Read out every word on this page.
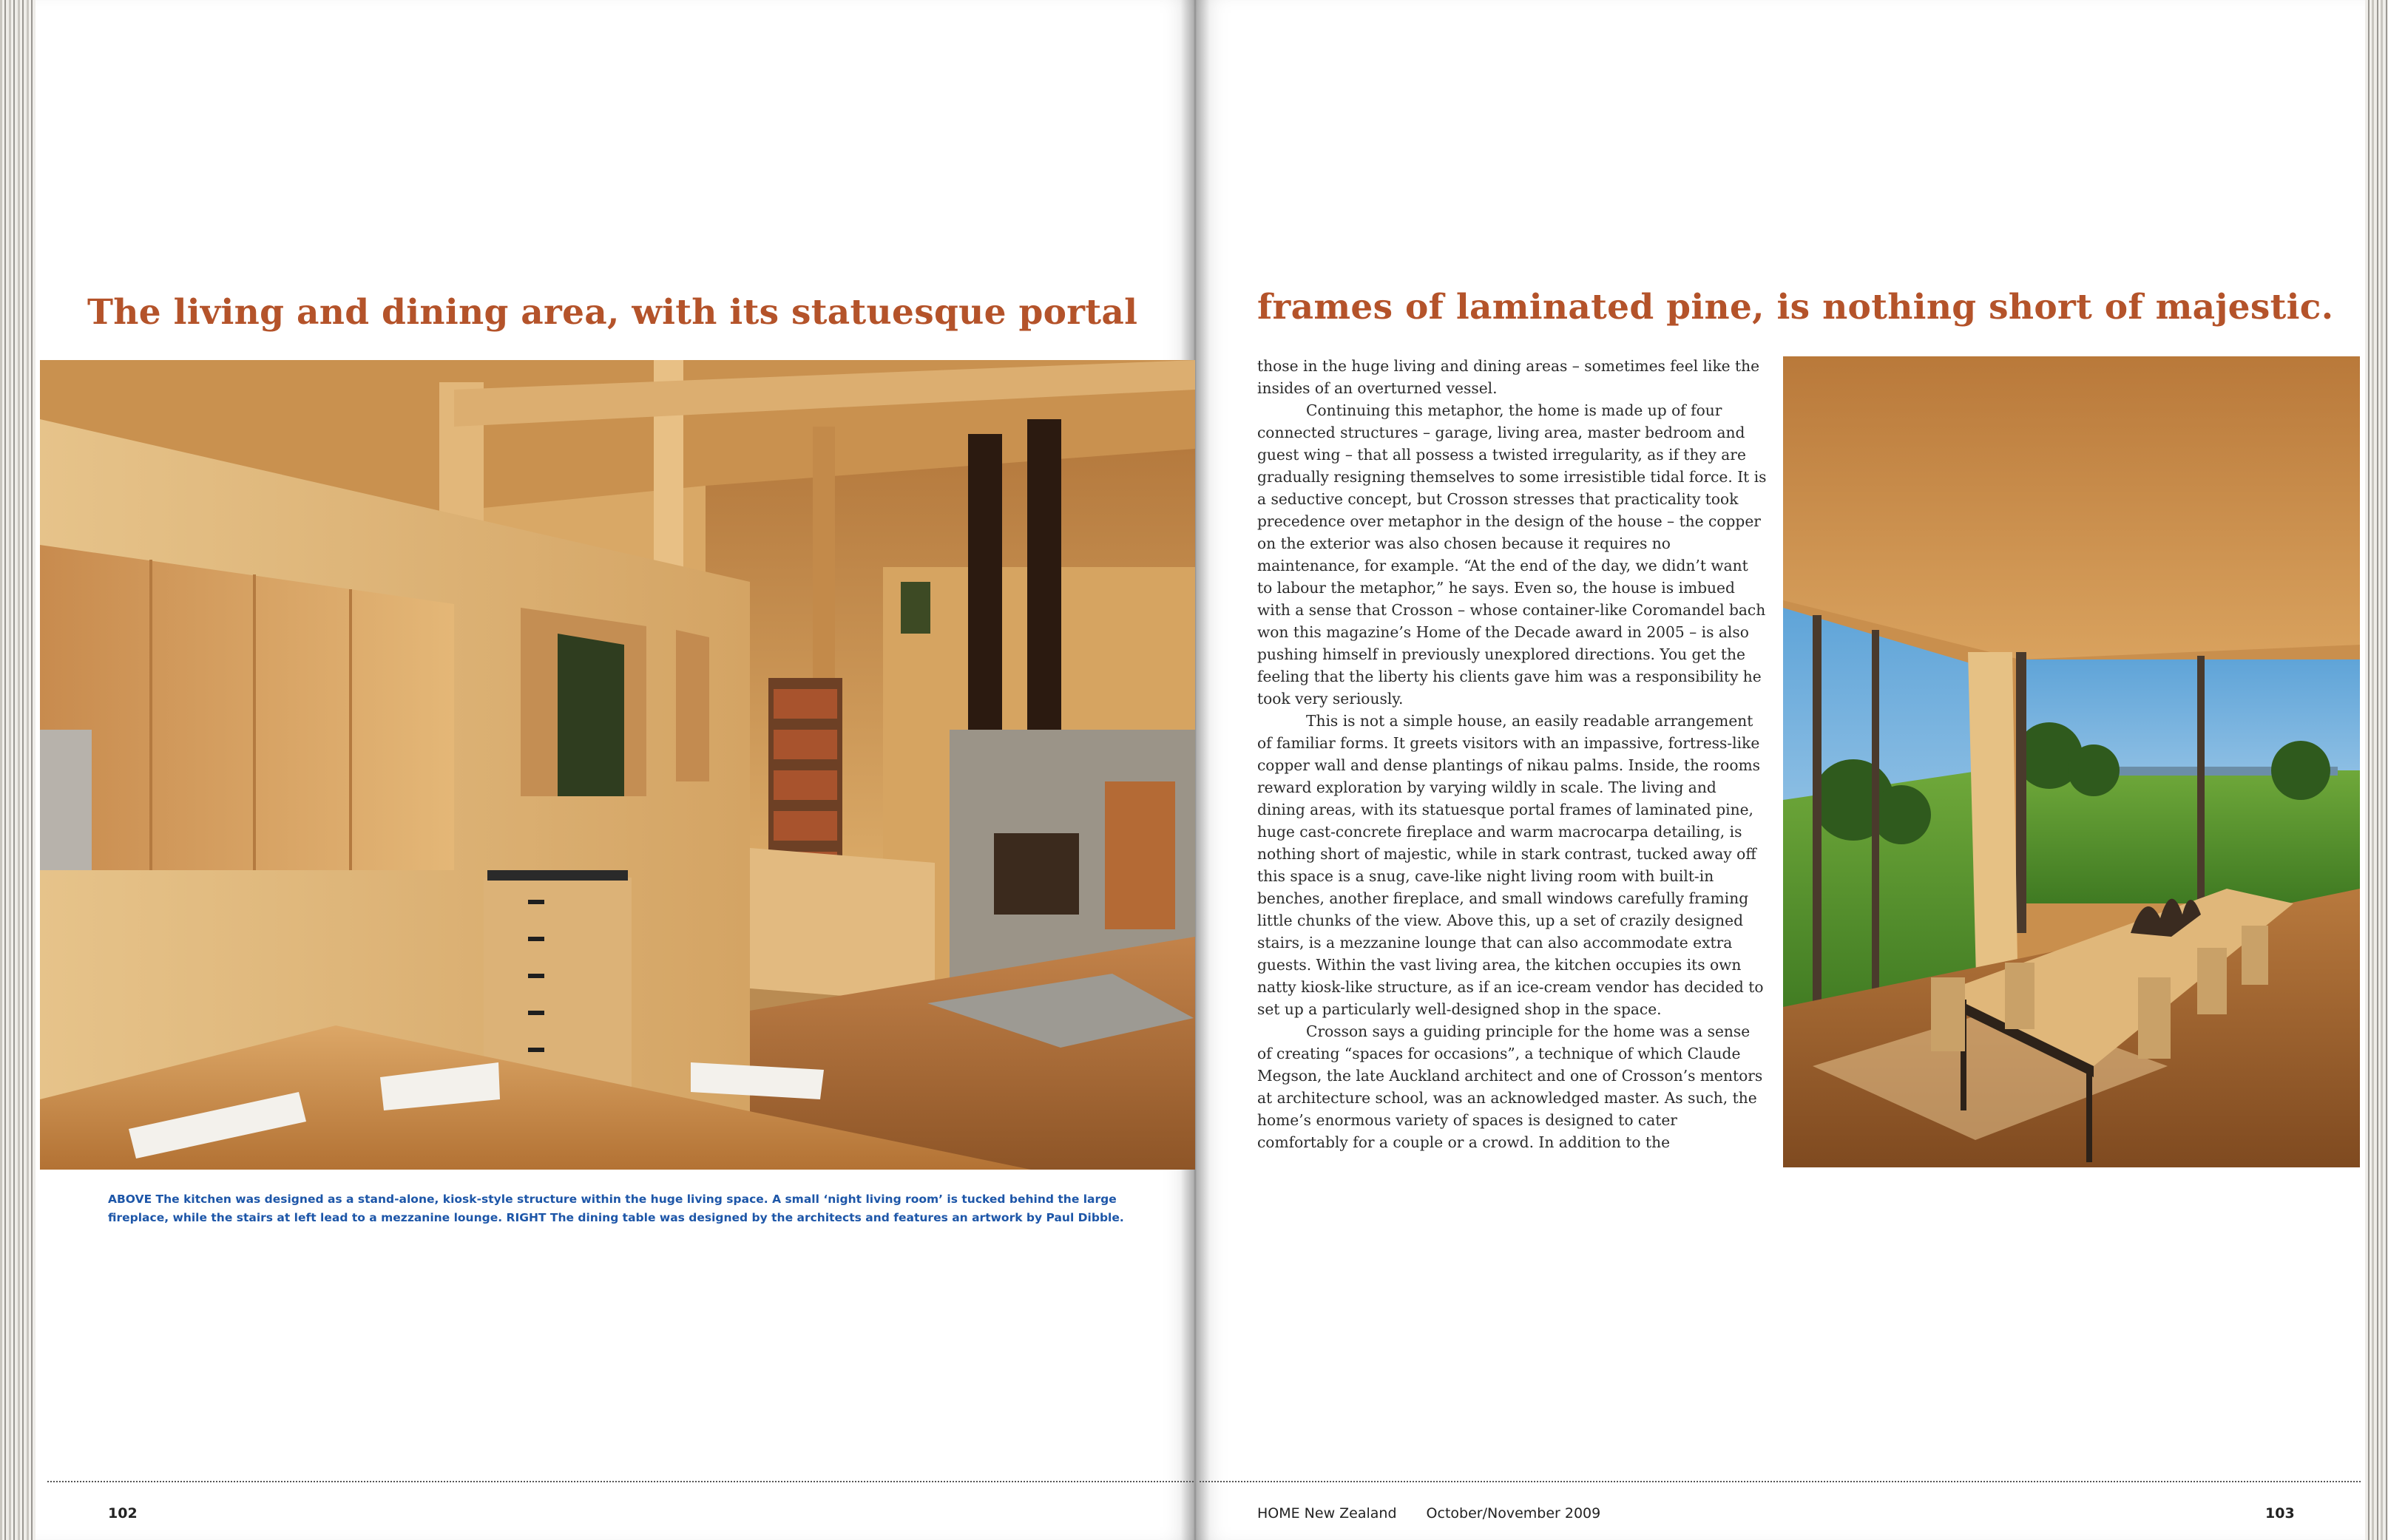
The living and dining area, with its statuesque portal	frames of laminated pine, is nothing short of majestic.
ABOVE The kitchen was designed as a stand-alone, kiosk-style structure within the huge living space. A small ‘night living room’ is tucked behind the large fireplace, while the stairs at left lead to a mezzanine lounge. RIGHT The dining table was designed by the architects and features an artwork by Paul Dibble.

those in the huge living and dining areas – sometimes feel like the insides of an overturned vessel.

Continuing this metaphor, the home is made up of four connected structures – garage, living area, master bedroom and guest wing – that all possess a twisted irregularity, as if they are gradually resigning themselves to some irresistible tidal force. It is a seductive concept, but Crosson stresses that practicality took precedence over metaphor in the design of the house – the copper on the exterior was also chosen because it requires no maintenance, for example. “At the end of the day, we didn’t want to labour the metaphor,” he says. Even so, the house is imbued with a sense that Crosson – whose container-like Coromandel bach won this magazine’s Home of the Decade award in 2005 – is also pushing himself in previously unexplored directions. You get the feeling that the liberty his clients gave him was a responsibility he took very seriously.

This is not a simple house, an easily readable arrangement of familiar forms. It greets visitors with an impassive, fortress-like copper wall and dense plantings of nikau palms. Inside, the rooms reward exploration by varying wildly in scale. The living and dining areas, with its statuesque portal frames of laminated pine, huge cast-concrete fireplace and warm macrocarpa detailing, is nothing short of majestic, while in stark contrast, tucked away off this space is a snug, cave-like night living room with built-in benches, another fireplace, and small windows carefully framing little chunks of the view. Above this, up a set of crazily designed stairs, is a mezzanine lounge that can also accommodate extra guests. Within the vast living area, the kitchen occupies its own natty kiosk-like structure, as if an ice-cream vendor has decided to set up a particularly well-designed shop in the space.

Crosson says a guiding principle for the home was a sense of creating “spaces for occasions”, a technique of which Claude Megson, the late Auckland architect and one of Crosson’s mentors at architecture school, was an acknowledged master. As such, the home’s enormous variety of spaces is designed to cater comfortably for a couple or a crowd. In addition to the

102	HOME New Zealand October/November 2009	103
